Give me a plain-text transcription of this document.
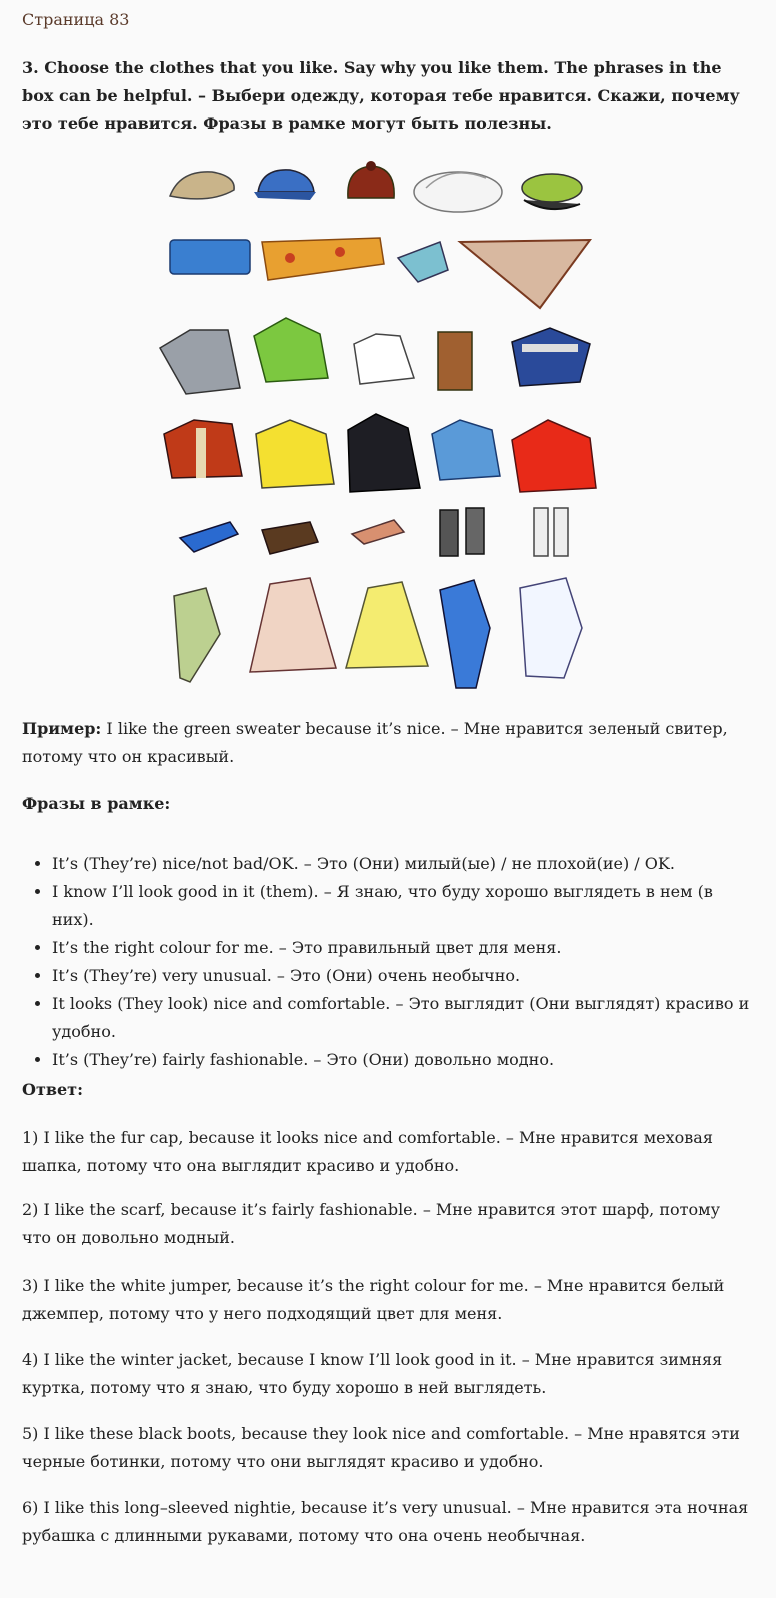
Страница 83

3. Choose the clothes that you like. Say why you like them. The phrases in the box can be helpful. – Выбери одежду, которая тебе нравится. Скажи, почему это тебе нравится. Фразы в рамке могут быть полезны.

Пример: I like the green sweater because it’s nice. – Мне нравится зеленый свитер, потому что он красивый.

Фразы в рамке:

• It’s (They’re) nice/not bad/OK. – Это (Они) милый(ые) / не плохой(ие) / OK.
• I know I’ll look good in it (them). – Я знаю, что буду хорошо выглядеть в нем (в них).
• It’s the right colour for me. – Это правильный цвет для меня.
• It’s (They’re) very unusual. – Это (Они) очень необычно.
• It looks (They look) nice and comfortable. – Это выглядит (Они выглядят) красиво и удобно.
• It’s (They’re) fairly fashionable. – Это (Они) довольно модно.

Ответ:

1) I like the fur cap, because it looks nice and comfortable. – Мне нравится меховая шапка, потому что она выглядит красиво и удобно.

2) I like the scarf, because it’s fairly fashionable. – Мне нравится этот шарф, потому что он довольно модный.

3) I like the white jumper, because it’s the right colour for me. – Мне нравится белый джемпер, потому что у него подходящий цвет для меня.

4) I like the winter jacket, because I know I’ll look good in it. – Мне нравится зимняя куртка, потому что я знаю, что буду хорошо в ней выглядеть.

5) I like these black boots, because they look nice and comfortable. – Мне нравятся эти черные ботинки, потому что они выглядят красиво и удобно.

6) I like this long–sleeved nightie, because it’s very unusual. – Мне нравится эта ночная рубашка с длинными рукавами, потому что она очень необычная.
